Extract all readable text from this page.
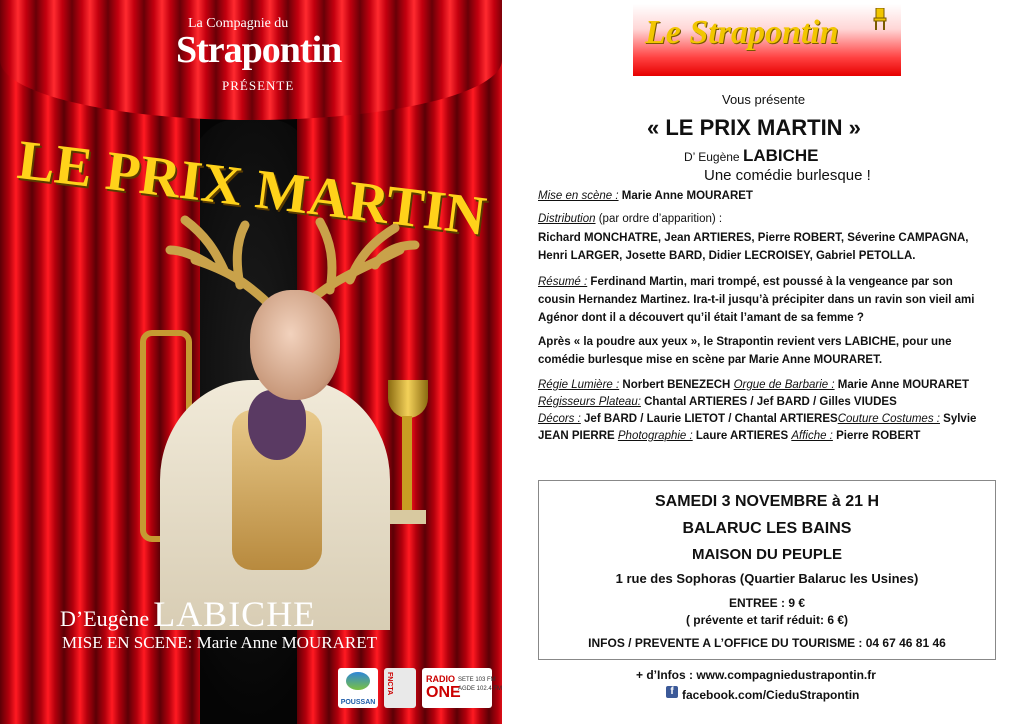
La Compagnie du
Strapontin
PRÉSENTE
LE PRIX MARTIN
D’Eugène LABICHE
MISE EN SCENE: Marie Anne MOURARET
POUSSAN
FNCTA	RADIO
ONE
SETE 103 FM
AGDE 102.4 FM
Le Strapontin
Vous présente
« LE PRIX MARTIN »
D’ Eugène LABICHE
Une comédie burlesque !
Mise en scène : Marie Anne MOURARET
Distribution (par ordre d’apparition) :
Richard MONCHATRE, Jean ARTIERES, Pierre ROBERT, Séverine CAMPAGNA,
Henri LARGER, Josette BARD, Didier LECROISEY, Gabriel PETOLLA.
Résumé : Ferdinand Martin, mari trompé, est poussé à la vengeance par son
cousin Hernandez Martinez. Ira-t-il jusqu’à précipiter dans un ravin son vieil ami
Agénor dont il a découvert qu’il était l’amant de sa femme ?
Après « la poudre aux yeux », le Strapontin revient vers LABICHE, pour une
comédie burlesque mise en scène par Marie Anne MOURARET.
Régie Lumière : Norbert BENEZECH Orgue de Barbarie : Marie Anne MOURARET
Régisseurs Plateau: Chantal ARTIERES / Jef BARD / Gilles VIUDES
Décors : Jef BARD / Laurie LIETOT / Chantal ARTIERESCouture Costumes : Sylvie
JEAN PIERRE Photographie : Laure ARTIERES Affiche : Pierre ROBERT
SAMEDI 3 NOVEMBRE à 21 H
BALARUC LES BAINS
MAISON DU PEUPLE
1 rue des Sophoras (Quartier Balaruc les Usines)
ENTREE : 9 €
( prévente et tarif réduit: 6 €)
INFOS / PREVENTE A L’OFFICE DU TOURISME : 04 67 46 81 46
+ d’Infos : www.compagniedustrapontin.fr
f facebook.com/CieduStrapontin
